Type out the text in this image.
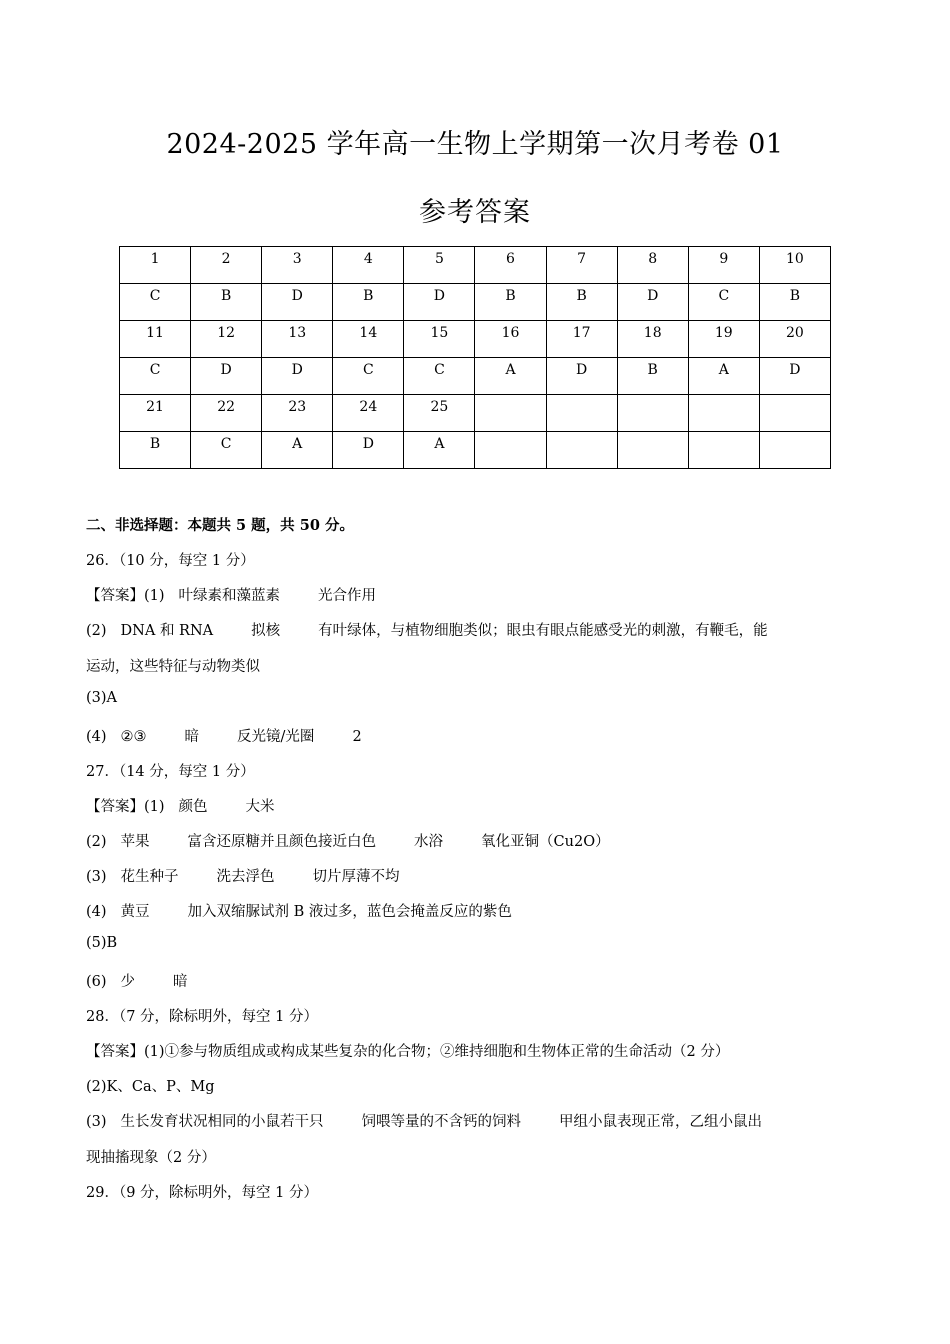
2024-2025 学年高一生物上学期第一次月考卷 01
参考答案
1	2	3	4	5	6	7	8	9	10
C	B	D	B	D	B	B	D	C	B
11	12	13	14	15	16	17	18	19	20
C	D	D	C	C	A	D	B	A	D
21	22	23	24	25					
B	C	A	D	A					
二、非选择题：本题共 5 题，共 50 分。
26．（10 分，每空 1 分）
【答案】(1) 叶绿素和藻蓝素	光合作用
(2) DNA 和 RNA	拟核	有叶绿体，与植物细胞类似；眼虫有眼点能感受光的刺激，有鞭毛，能
运动，这些特征与动物类似
(3)A
(4) ②③	暗	反光镜/光圈	2
27．（14 分，每空 1 分）
【答案】(1) 颜色	大米
(2) 苹果	富含还原糖并且颜色接近白色	水浴	氧化亚铜（Cu2O）
(3) 花生种子	洗去浮色	切片厚薄不均
(4) 黄豆	加入双缩脲试剂 B 液过多，蓝色会掩盖反应的紫色
(5)B
(6) 少	暗
28．（7 分，除标明外，每空 1 分）
【答案】(1)①参与物质组成或构成某些复杂的化合物；②维持细胞和生物体正常的生命活动（2 分）
(2)K、Ca、P、Mg
(3) 生长发育状况相同的小鼠若干只	饲喂等量的不含钙的饲料	甲组小鼠表现正常，乙组小鼠出
现抽搐现象（2 分）
29．（9 分，除标明外，每空 1 分）
